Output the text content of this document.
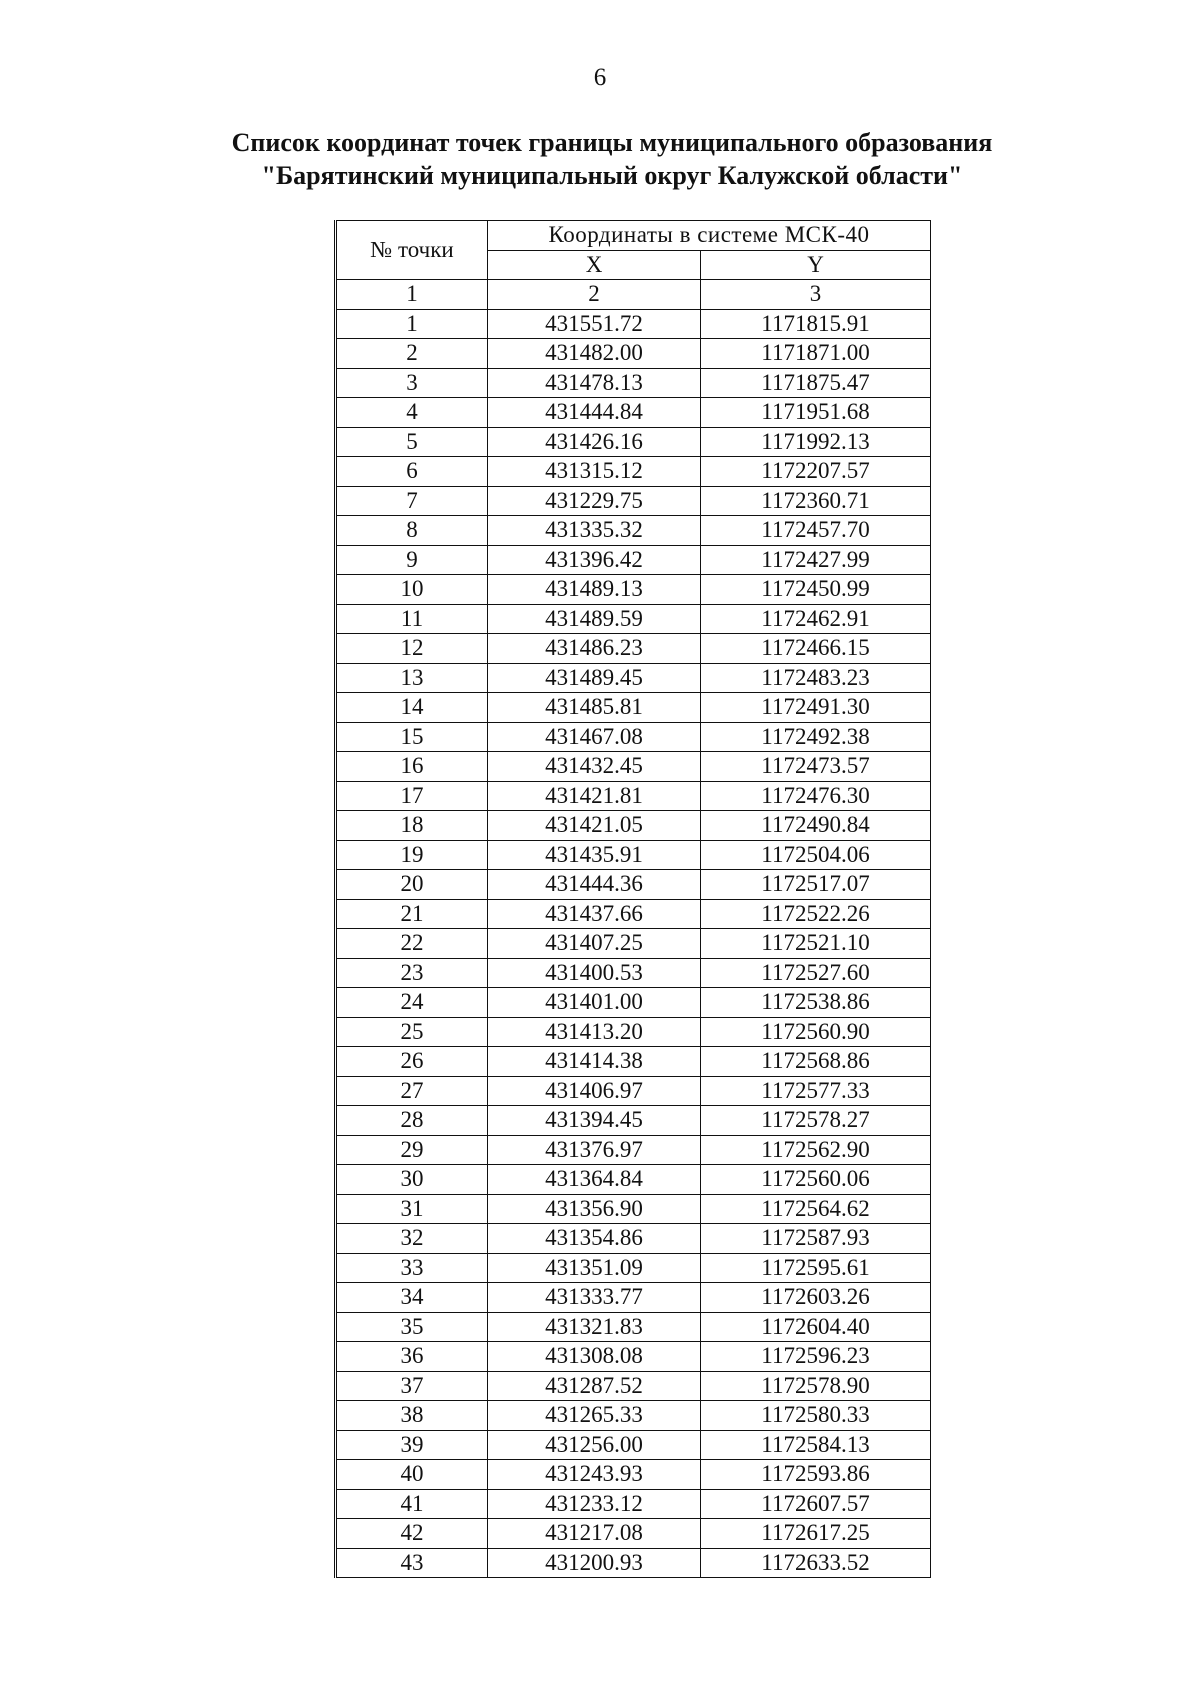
6
Список координат точек границы муниципального образования
"Барятинский муниципальный округ Калужской области"
№ точки	Координаты в системе МСК-40	
	X	Y
1	2	3
1	431551.72	1171815.91
2	431482.00	1171871.00
3	431478.13	1171875.47
4	431444.84	1171951.68
5	431426.16	1171992.13
6	431315.12	1172207.57
7	431229.75	1172360.71
8	431335.32	1172457.70
9	431396.42	1172427.99
10	431489.13	1172450.99
11	431489.59	1172462.91
12	431486.23	1172466.15
13	431489.45	1172483.23
14	431485.81	1172491.30
15	431467.08	1172492.38
16	431432.45	1172473.57
17	431421.81	1172476.30
18	431421.05	1172490.84
19	431435.91	1172504.06
20	431444.36	1172517.07
21	431437.66	1172522.26
22	431407.25	1172521.10
23	431400.53	1172527.60
24	431401.00	1172538.86
25	431413.20	1172560.90
26	431414.38	1172568.86
27	431406.97	1172577.33
28	431394.45	1172578.27
29	431376.97	1172562.90
30	431364.84	1172560.06
31	431356.90	1172564.62
32	431354.86	1172587.93
33	431351.09	1172595.61
34	431333.77	1172603.26
35	431321.83	1172604.40
36	431308.08	1172596.23
37	431287.52	1172578.90
38	431265.33	1172580.33
39	431256.00	1172584.13
40	431243.93	1172593.86
41	431233.12	1172607.57
42	431217.08	1172617.25
43	431200.93	1172633.52
